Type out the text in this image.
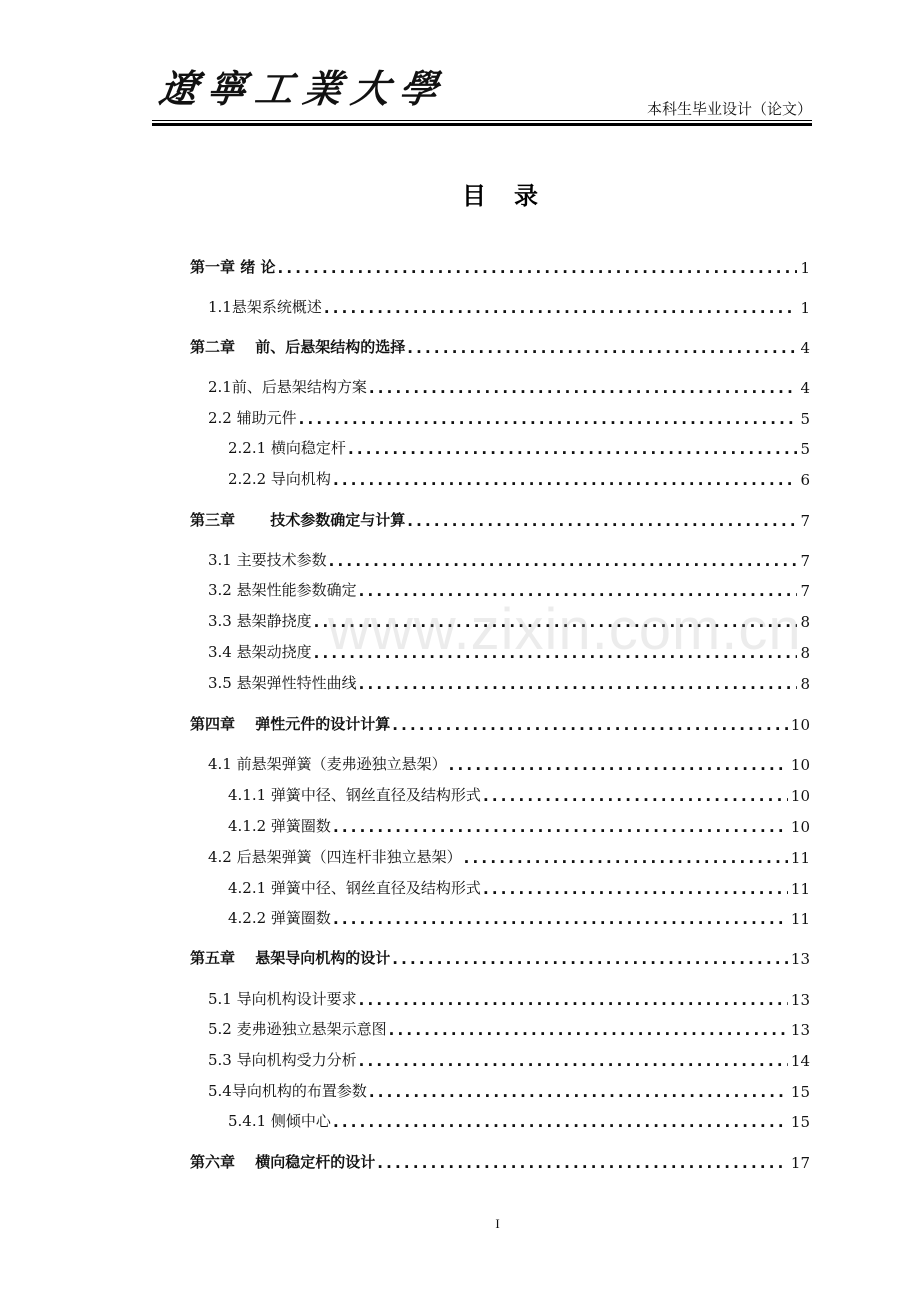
遼寧工業大學	本科生毕业设计（论文）
目录
第一章 绪 论 .....	1
1.1悬架系统概述 .....	1
第二章　 前、后悬架结构的选择 .....	4
2.1前、后悬架结构方案 .....	4
2.2 辅助元件 .....	5
2.2.1 横向稳定杆 .....	5
2.2.2 导向机构 .....	6
第三章　 　技术参数确定与计算 .....	7
3.1 主要技术参数 .....	7
3.2 悬架性能参数确定 .....	7
3.3 悬架静挠度 .....	8
3.4 悬架动挠度 .....	8
3.5 悬架弹性特性曲线 .....	8
第四章　 弹性元件的设计计算 .....	10
4.1 前悬架弹簧（麦弗逊独立悬架） .....	10
4.1.1 弹簧中径、钢丝直径及结构形式 .....	10
4.1.2 弹簧圈数 .....	10
4.2 后悬架弹簧（四连杆非独立悬架） .....	11
4.2.1 弹簧中径、钢丝直径及结构形式 .....	11
4.2.2 弹簧圈数 .....	11
第五章　 悬架导向机构的设计 .....	13
5.1 导向机构设计要求 .....	13
5.2 麦弗逊独立悬架示意图 .....	13
5.3 导向机构受力分析 .....	14
5.4导向机构的布置参数 .....	15
5.4.1 侧倾中心 .....	15
第六章　 横向稳定杆的设计 .....	17
www.zixin.com.cn
I
